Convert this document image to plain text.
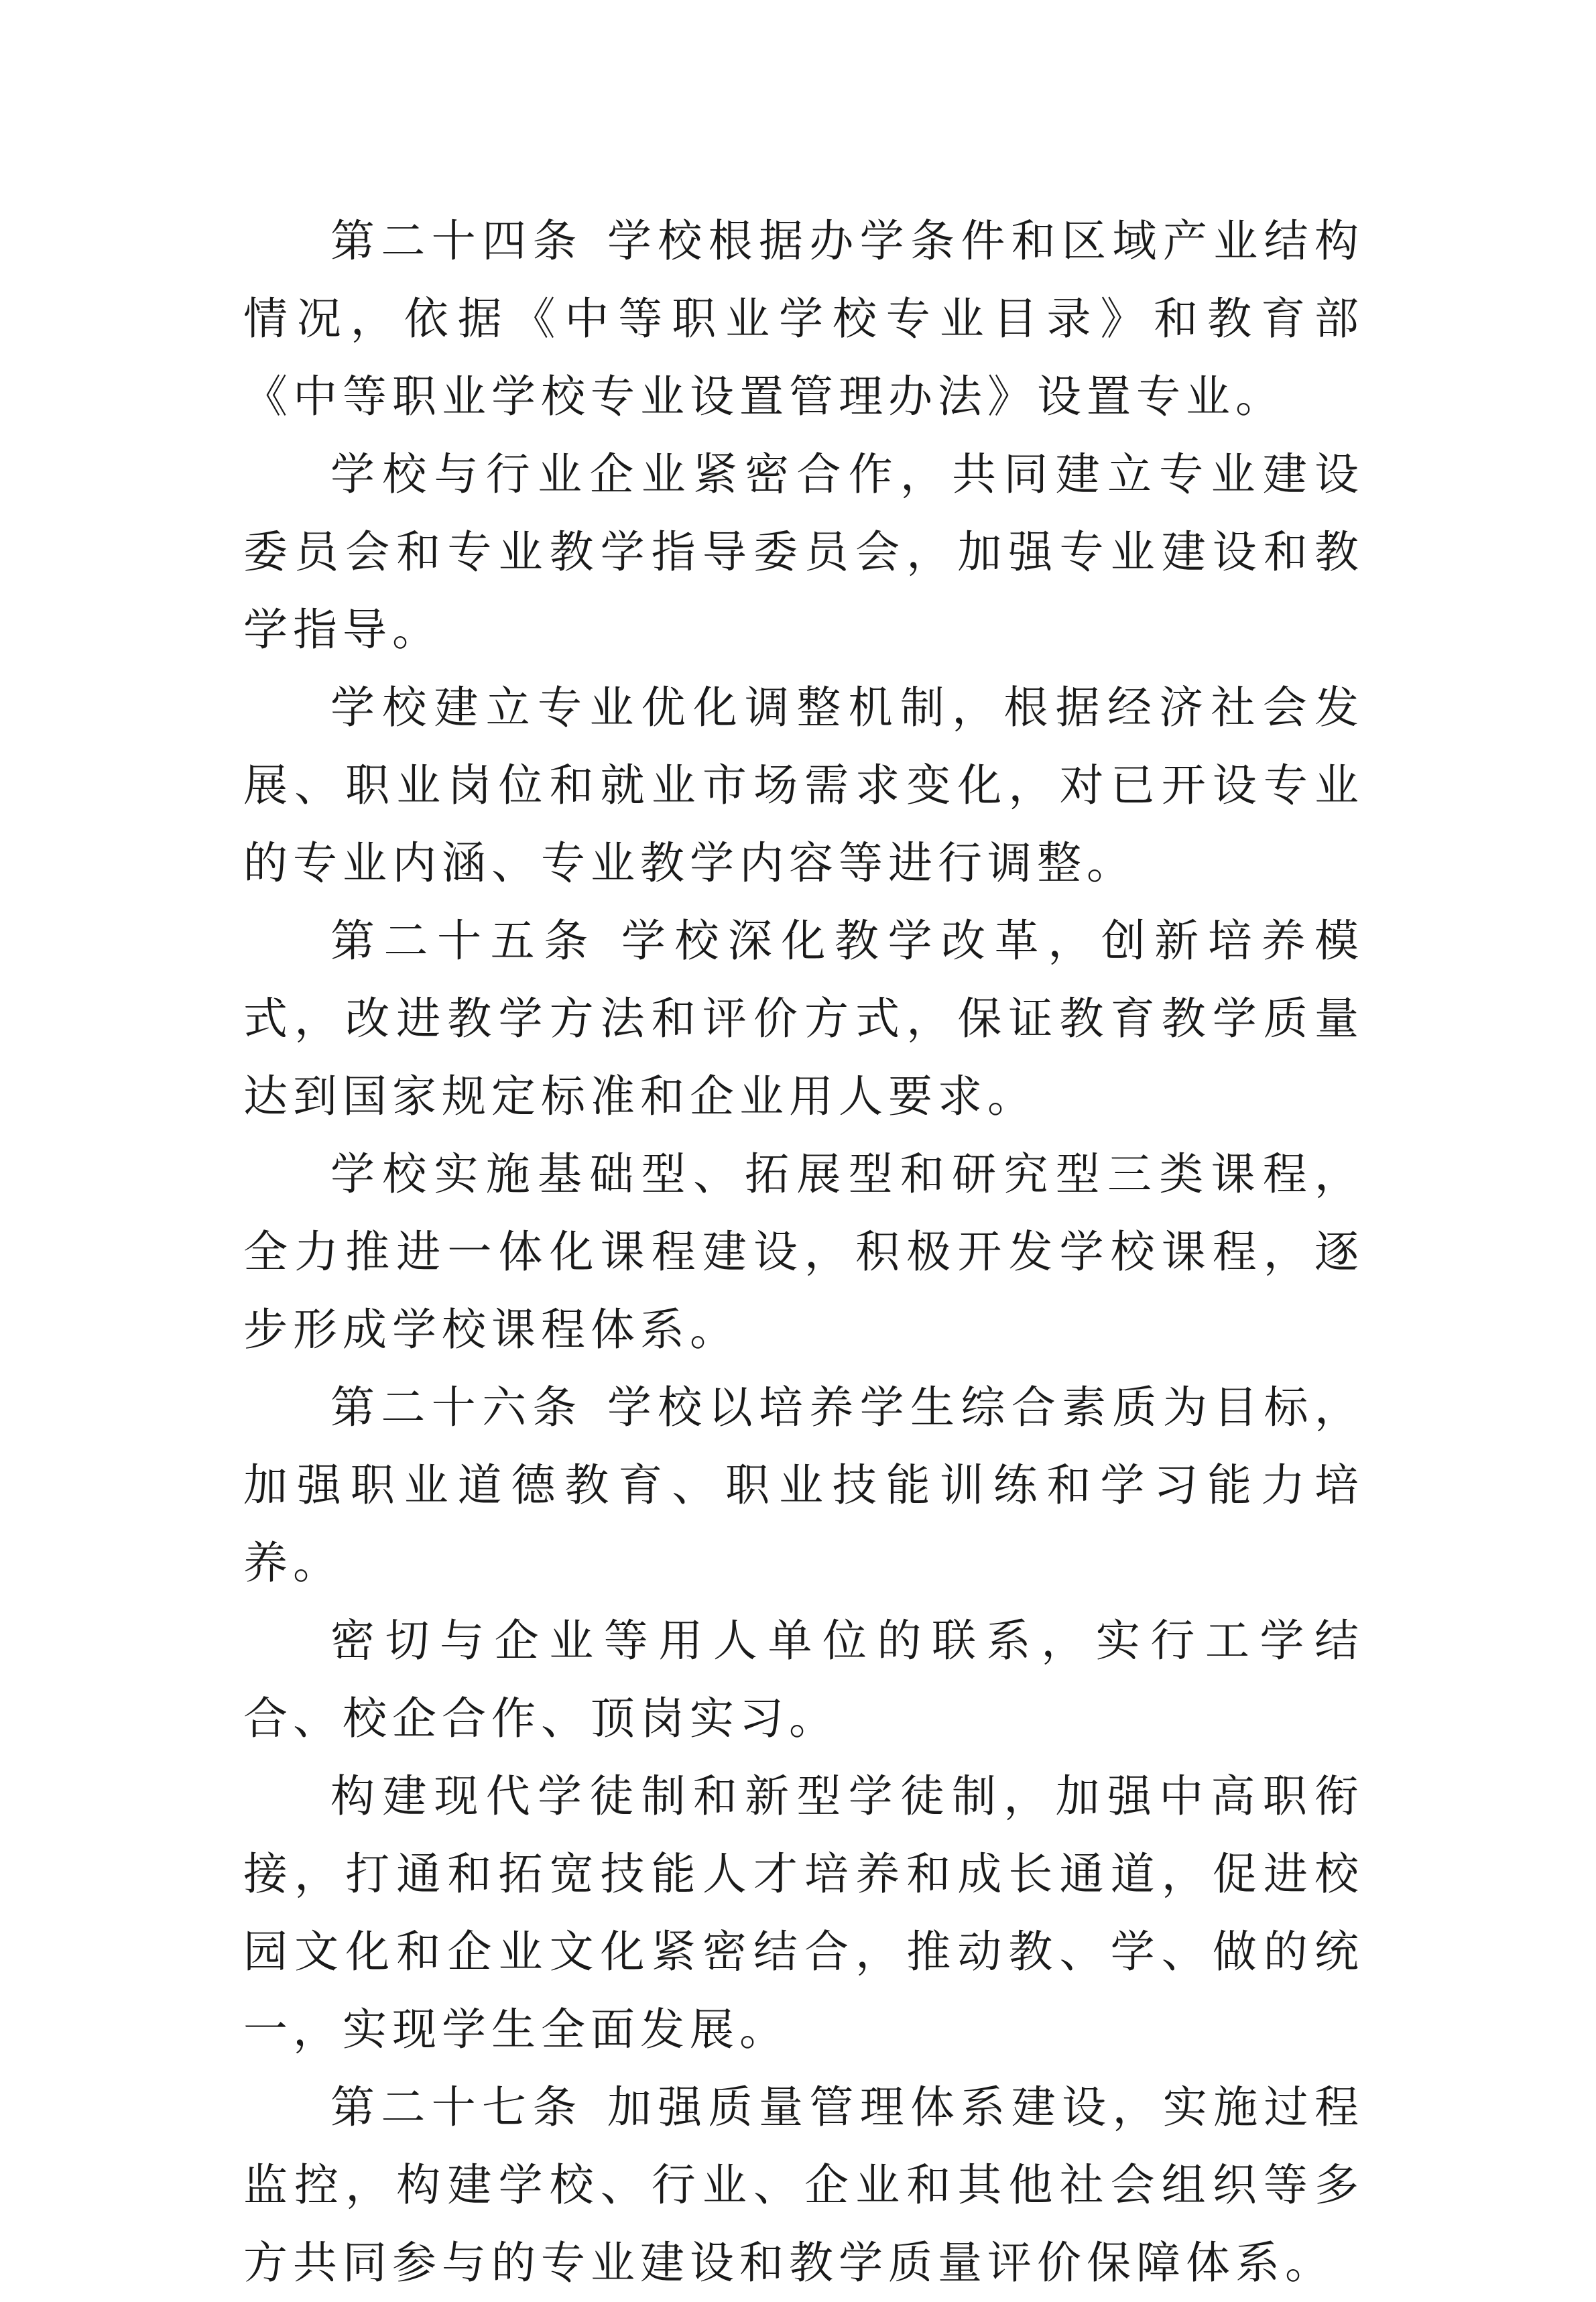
第二十四条 学校根据办学条件和区域产业结构情况，依据《中等职业学校专业目录》和教育部《中等职业学校专业设置管理办法》设置专业。

学校与行业企业紧密合作，共同建立专业建设委员会和专业教学指导委员会，加强专业建设和教学指导。

学校建立专业优化调整机制，根据经济社会发展、职业岗位和就业市场需求变化，对已开设专业的专业内涵、专业教学内容等进行调整。

第二十五条 学校深化教学改革，创新培养模式，改进教学方法和评价方式，保证教育教学质量达到国家规定标准和企业用人要求。

学校实施基础型、拓展型和研究型三类课程，全力推进一体化课程建设，积极开发学校课程，逐步形成学校课程体系。

第二十六条 学校以培养学生综合素质为目标，加强职业道德教育、职业技能训练和学习能力培养。

密切与企业等用人单位的联系，实行工学结合、校企合作、顶岗实习。

构建现代学徒制和新型学徒制，加强中高职衔接，打通和拓宽技能人才培养和成长通道，促进校园文化和企业文化紧密结合，推动教、学、做的统一，实现学生全面发展。

第二十七条 加强质量管理体系建设，实施过程监控，构建学校、行业、企业和其他社会组织等多方共同参与的专业建设和教学质量评价保障体系。
